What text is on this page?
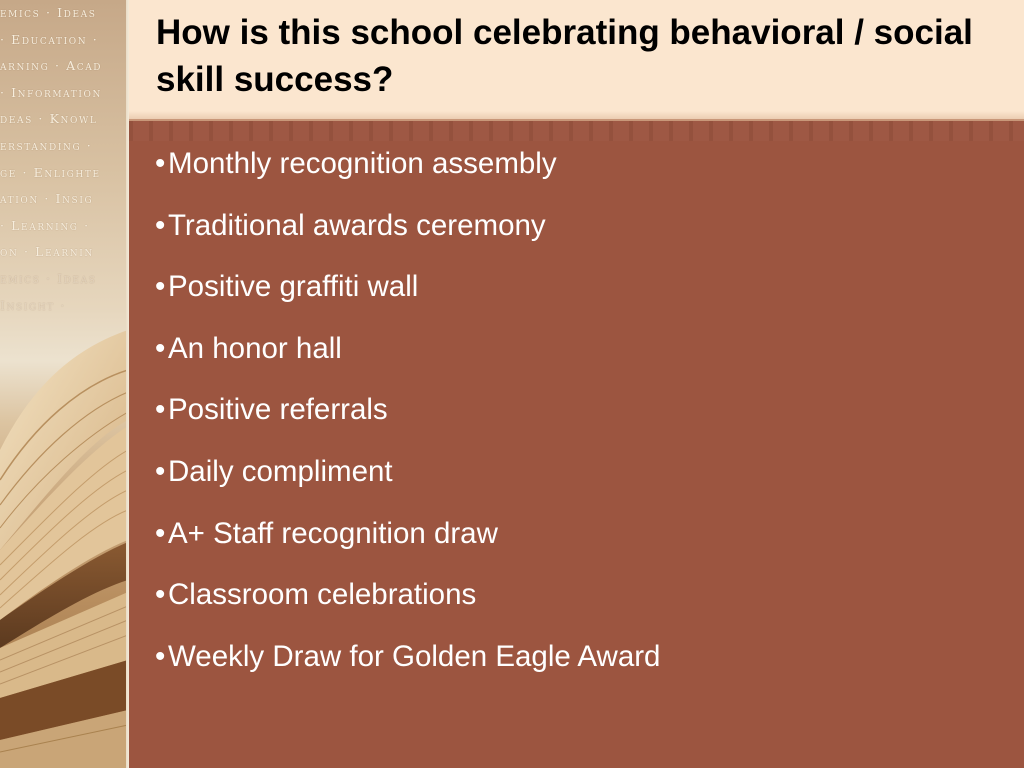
emics · Ideas
· Education ·
arning · Acad
· Information
deas · Knowl
erstanding ·
ge · Enlighte
ation · Insig
· Learning ·
on · Learnin
emics · Ideas
Insight ·
How is this school celebrating behavioral / social skill success?
•Monthly recognition assembly
•Traditional awards ceremony
•Positive graffiti wall
•An honor hall
•Positive referrals
•Daily compliment
•A+ Staff recognition draw
•Classroom celebrations
•Weekly Draw for Golden Eagle Award
